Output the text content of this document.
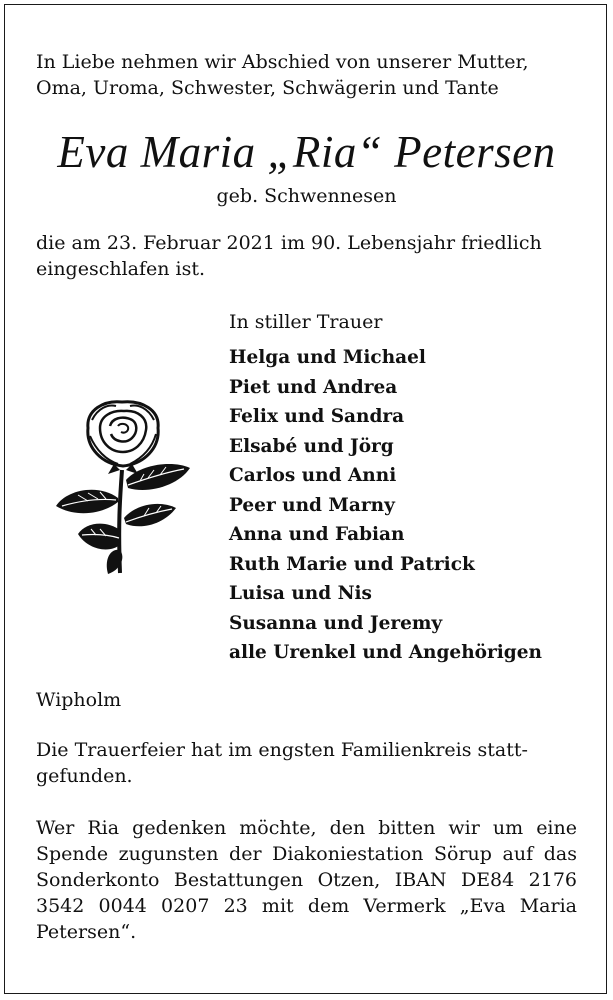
In Liebe nehmen wir Abschied von unserer Mutter, Oma, Uroma, Schwester, Schwägerin und Tante
Eva Maria „Ria“ Petersen
geb. Schwennesen
die am 23. Februar 2021 im 90. Lebensjahr friedlich eingeschlafen ist.
In stiller Trauer
Helga und Michael
Piet und Andrea
Felix und Sandra
Elsabé und Jörg
Carlos und Anni
Peer und Marny
Anna und Fabian
Ruth Marie und Patrick
Luisa und Nis
Susanna und Jeremy
alle Urenkel und Angehörigen
Wipholm
Die Trauerfeier hat im engsten Familienkreis statt- gefunden.
Wer Ria gedenken möchte, den bitten wir um eine Spende zugunsten der Diakoniestation Sörup auf das Sonderkonto Bestattungen Otzen, IBAN DE84 2176 3542 0044 0207 23 mit dem Vermerk „Eva Maria Petersen“.
